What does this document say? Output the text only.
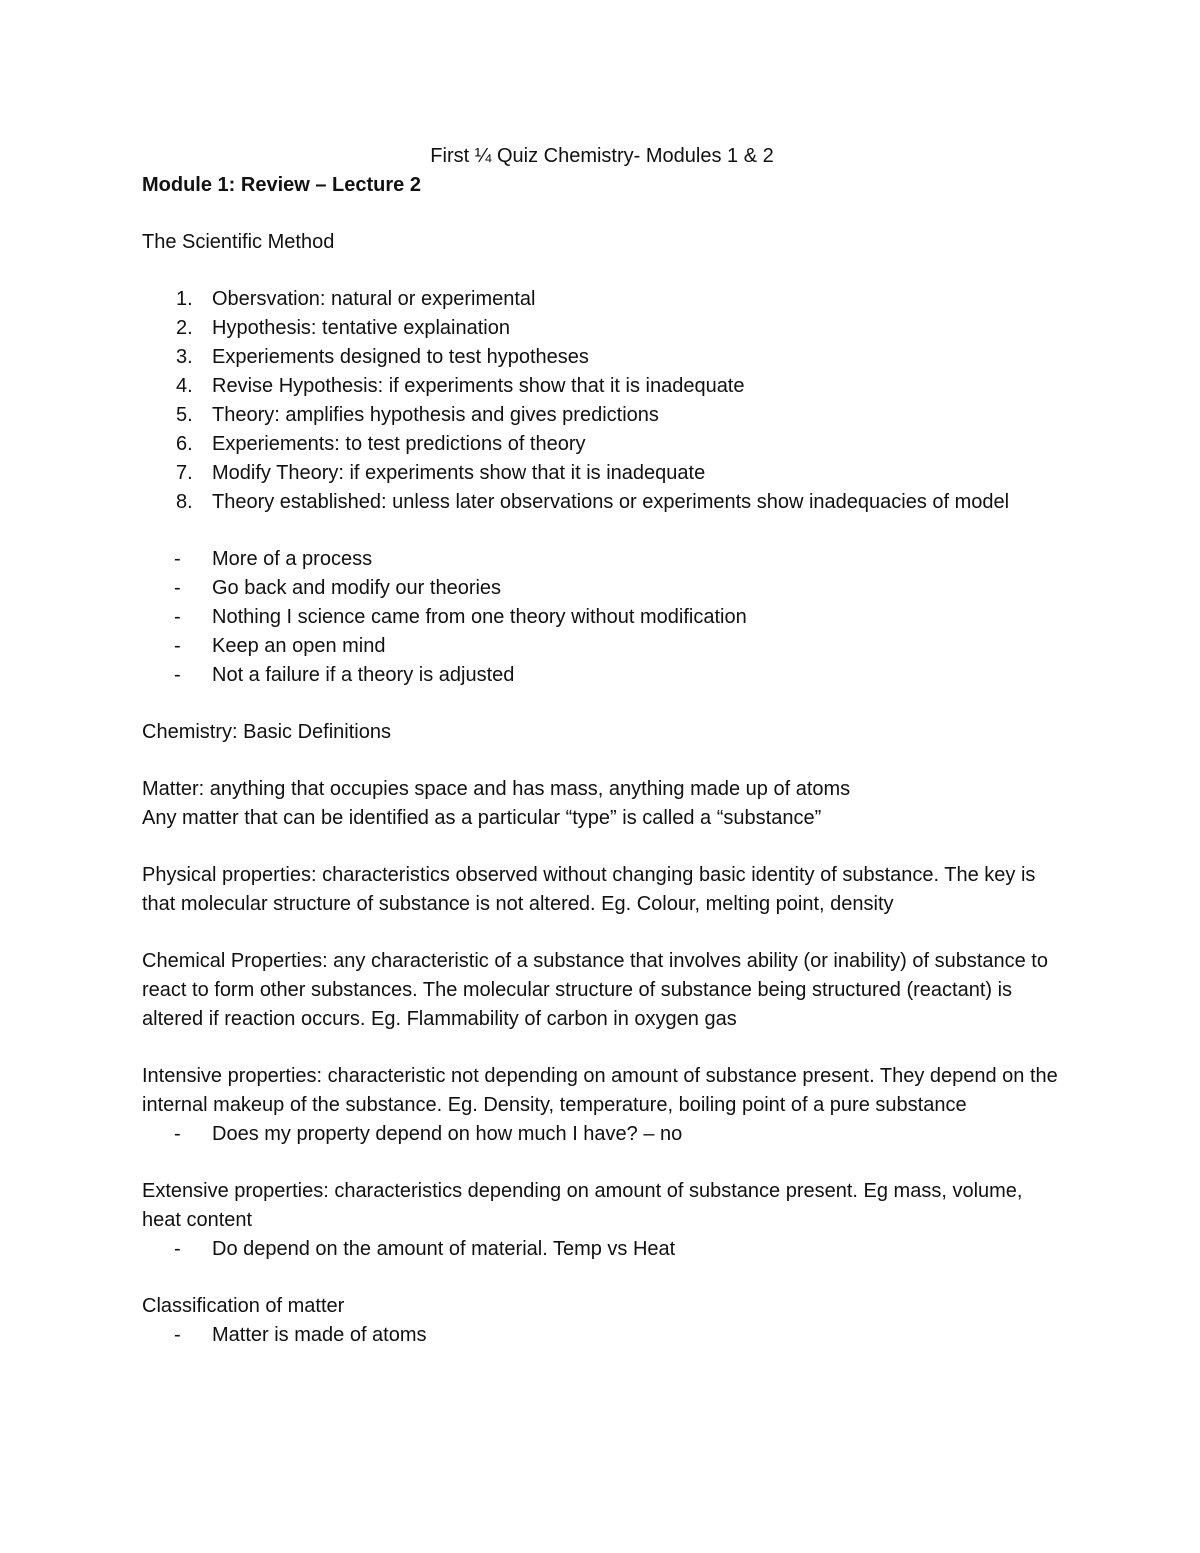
First ¼ Quiz Chemistry- Modules 1 & 2
Module 1: Review – Lecture 2

The Scientific Method

1. Obersvation: natural or experimental
2. Hypothesis: tentative explaination
3. Experiements designed to test hypotheses
4. Revise Hypothesis: if experiments show that it is inadequate
5. Theory: amplifies hypothesis and gives predictions
6. Experiements: to test predictions of theory
7. Modify Theory: if experiments show that it is inadequate
8. Theory established: unless later observations or experiments show inadequacies of model
-	More of a process
-	Go back and modify our theories
-	Nothing I science came from one theory without modification
-	Keep an open mind
-	Not a failure if a theory is adjusted

Chemistry: Basic Definitions

Matter: anything that occupies space and has mass, anything made up of atoms

Any matter that can be identified as a particular “type” is called a “substance”

Physical properties: characteristics observed without changing basic identity of substance. The key is that molecular structure of substance is not altered. Eg. Colour, melting point, density

Chemical Properties: any characteristic of a substance that involves ability (or inability) of substance to react to form other substances. The molecular structure of substance being structured (reactant) is altered if reaction occurs. Eg. Flammability of carbon in oxygen gas

Intensive properties: characteristic not depending on amount of substance present. They depend on the internal makeup of the substance. Eg. Density, temperature, boiling point of a pure substance

-	Does my property depend on how much I have? – no

Extensive properties: characteristics depending on amount of substance present. Eg mass, volume, heat content

-	Do depend on the amount of material. Temp vs Heat

Classification of matter

-	Matter is made of atoms
